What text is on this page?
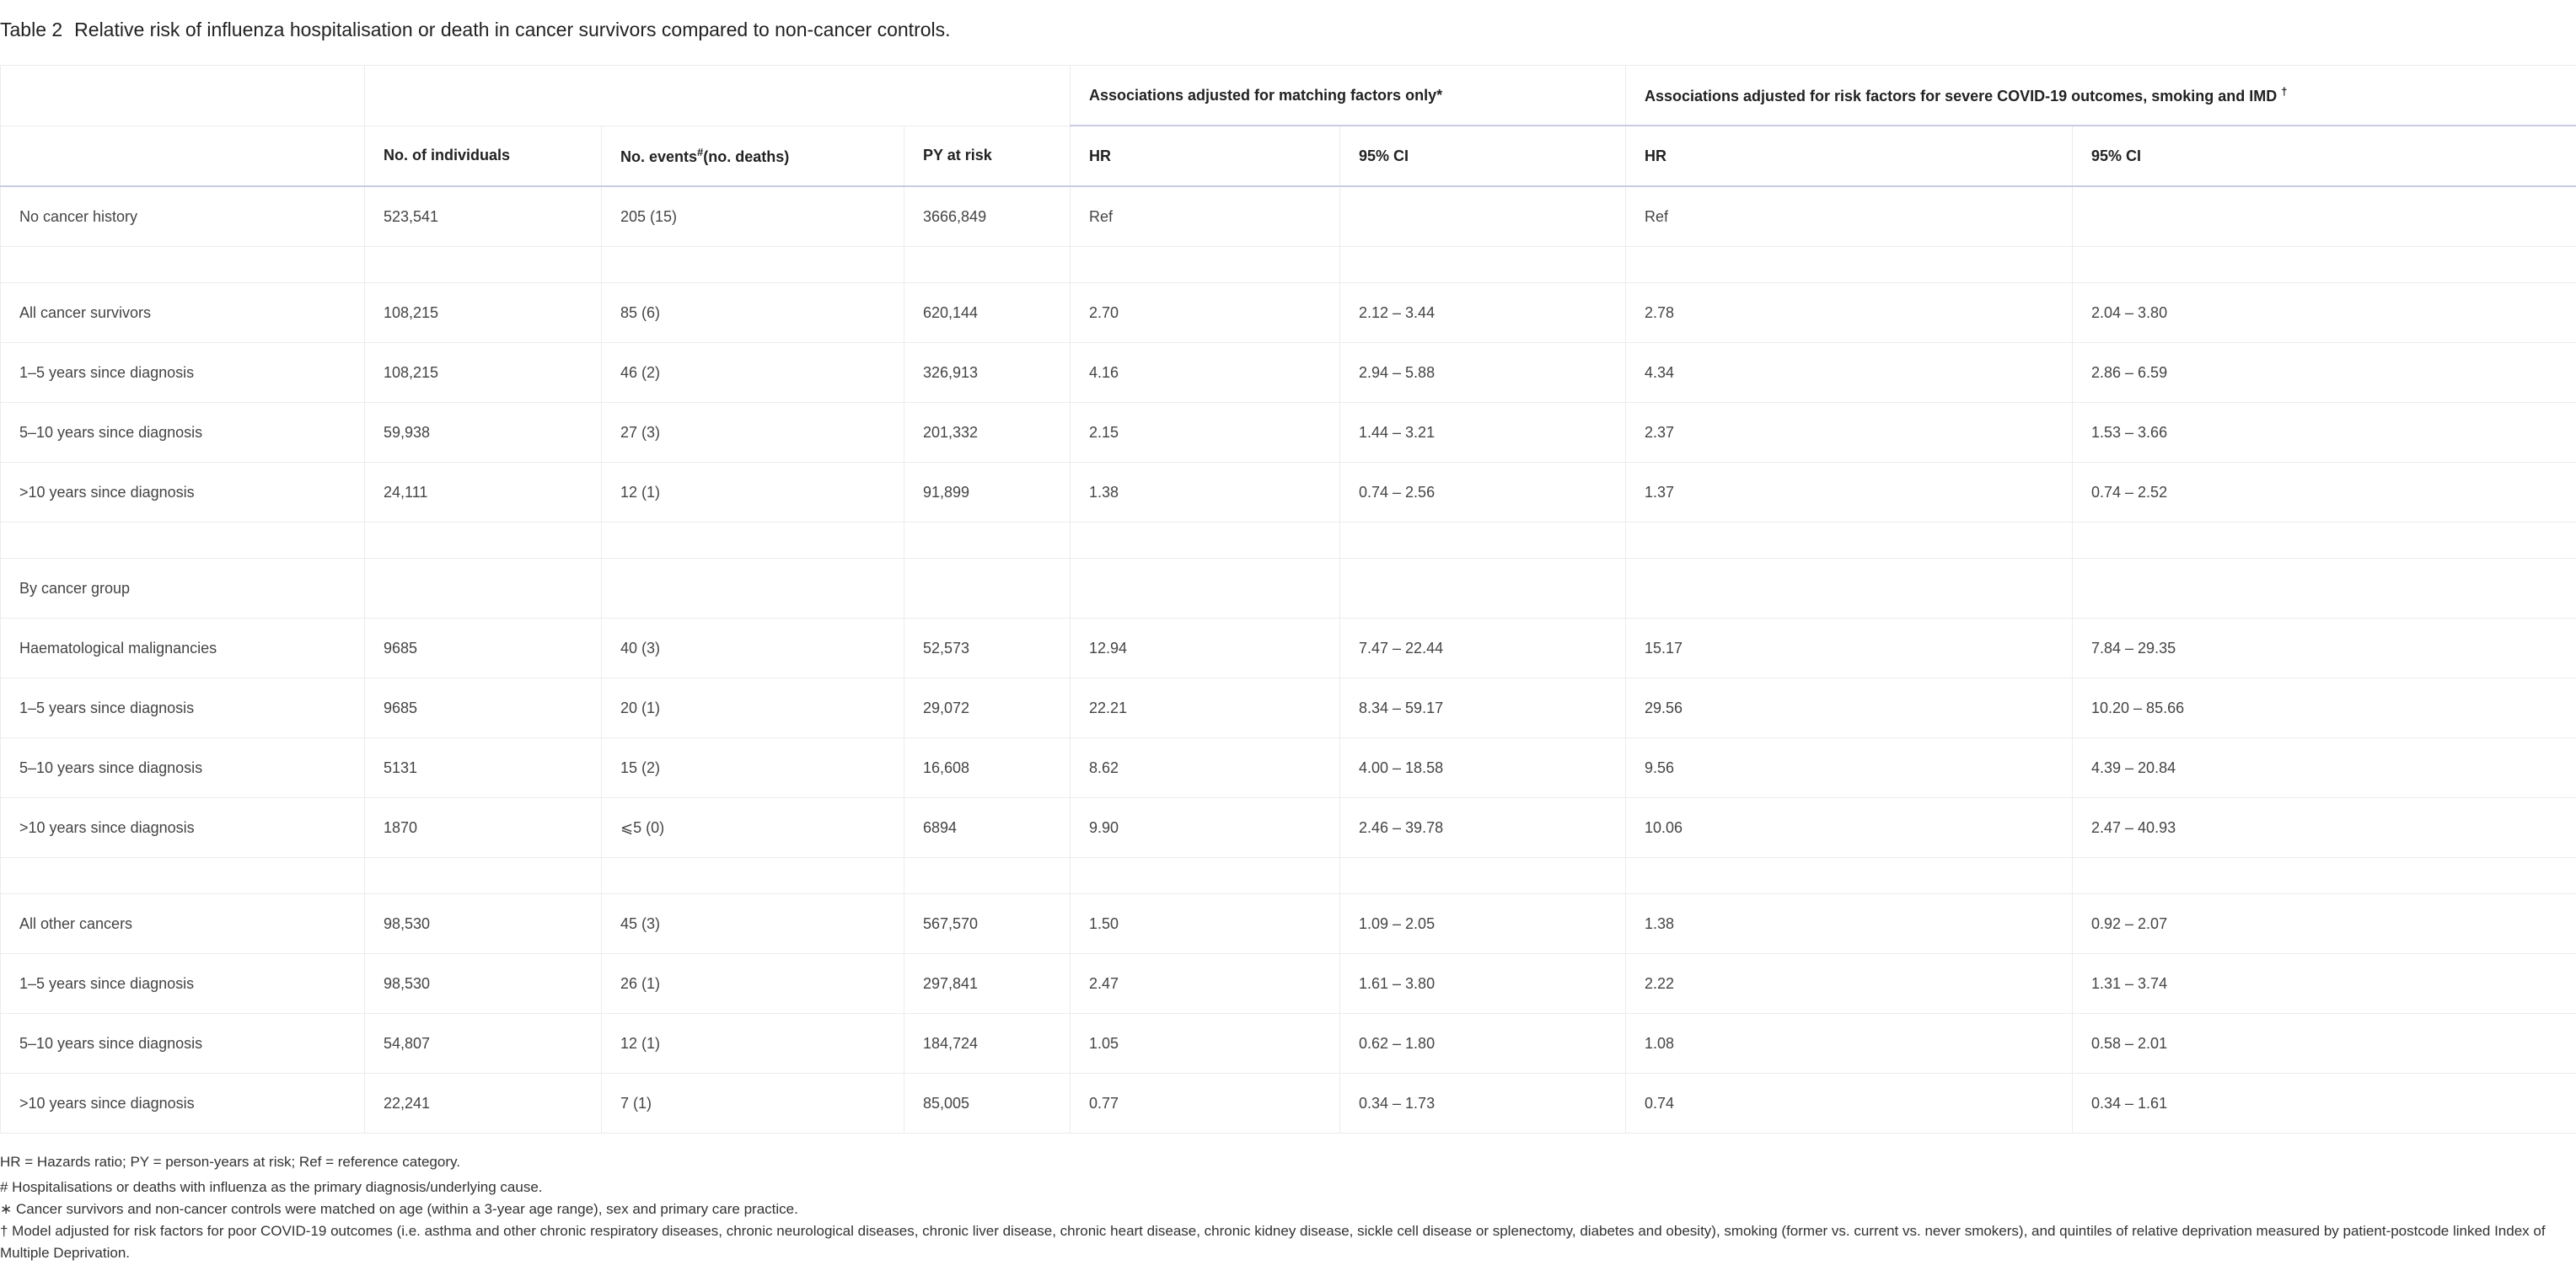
Table 2 Relative risk of influenza hospitalisation or death in cancer survivors compared to non-cancer controls.
				Associations adjusted for matching factors only*		Associations adjusted for risk factors for severe COVID-19 outcomes, smoking and IMD †
	No. of individuals	No. events#(no. deaths)	PY at risk	HR	95% CI	HR	95% CI
No cancer history	523,541	205 (15)	3666,849	Ref		Ref	

All cancer survivors	108,215	85 (6)	620,144	2.70	2.12 – 3.44	2.78	2.04 – 3.80
1–5 years since diagnosis	108,215	46 (2)	326,913	4.16	2.94 – 5.88	4.34	2.86 – 6.59
5–10 years since diagnosis	59,938	27 (3)	201,332	2.15	1.44 – 3.21	2.37	1.53 – 3.66
>10 years since diagnosis	24,111	12 (1)	91,899	1.38	0.74 – 2.56	1.37	0.74 – 2.52

By cancer group							
Haematological malignancies	9685	40 (3)	52,573	12.94	7.47 – 22.44	15.17	7.84 – 29.35
1–5 years since diagnosis	9685	20 (1)	29,072	22.21	8.34 – 59.17	29.56	10.20 – 85.66
5–10 years since diagnosis	5131	15 (2)	16,608	8.62	4.00 – 18.58	9.56	4.39 – 20.84
>10 years since diagnosis	1870	⩽5 (0)	6894	9.90	2.46 – 39.78	10.06	2.47 – 40.93

All other cancers	98,530	45 (3)	567,570	1.50	1.09 – 2.05	1.38	0.92 – 2.07
1–5 years since diagnosis	98,530	26 (1)	297,841	2.47	1.61 – 3.80	2.22	1.31 – 3.74
5–10 years since diagnosis	54,807	12 (1)	184,724	1.05	0.62 – 1.80	1.08	0.58 – 2.01
>10 years since diagnosis	22,241	7 (1)	85,005	0.77	0.34 – 1.73	0.74	0.34 – 1.61

HR = Hazards ratio; PY = person-years at risk; Ref = reference category.

# Hospitalisations or deaths with influenza as the primary diagnosis/underlying cause.

∗ Cancer survivors and non-cancer controls were matched on age (within a 3-year age range), sex and primary care practice.

† Model adjusted for risk factors for poor COVID-19 outcomes (i.e. asthma and other chronic respiratory diseases, chronic neurological diseases, chronic liver disease, chronic heart disease, chronic kidney disease, sickle cell disease or splenectomy, diabetes and obesity), smoking (former vs. current vs. never smokers), and quintiles of relative deprivation measured by patient-postcode linked Index of Multiple Deprivation.
